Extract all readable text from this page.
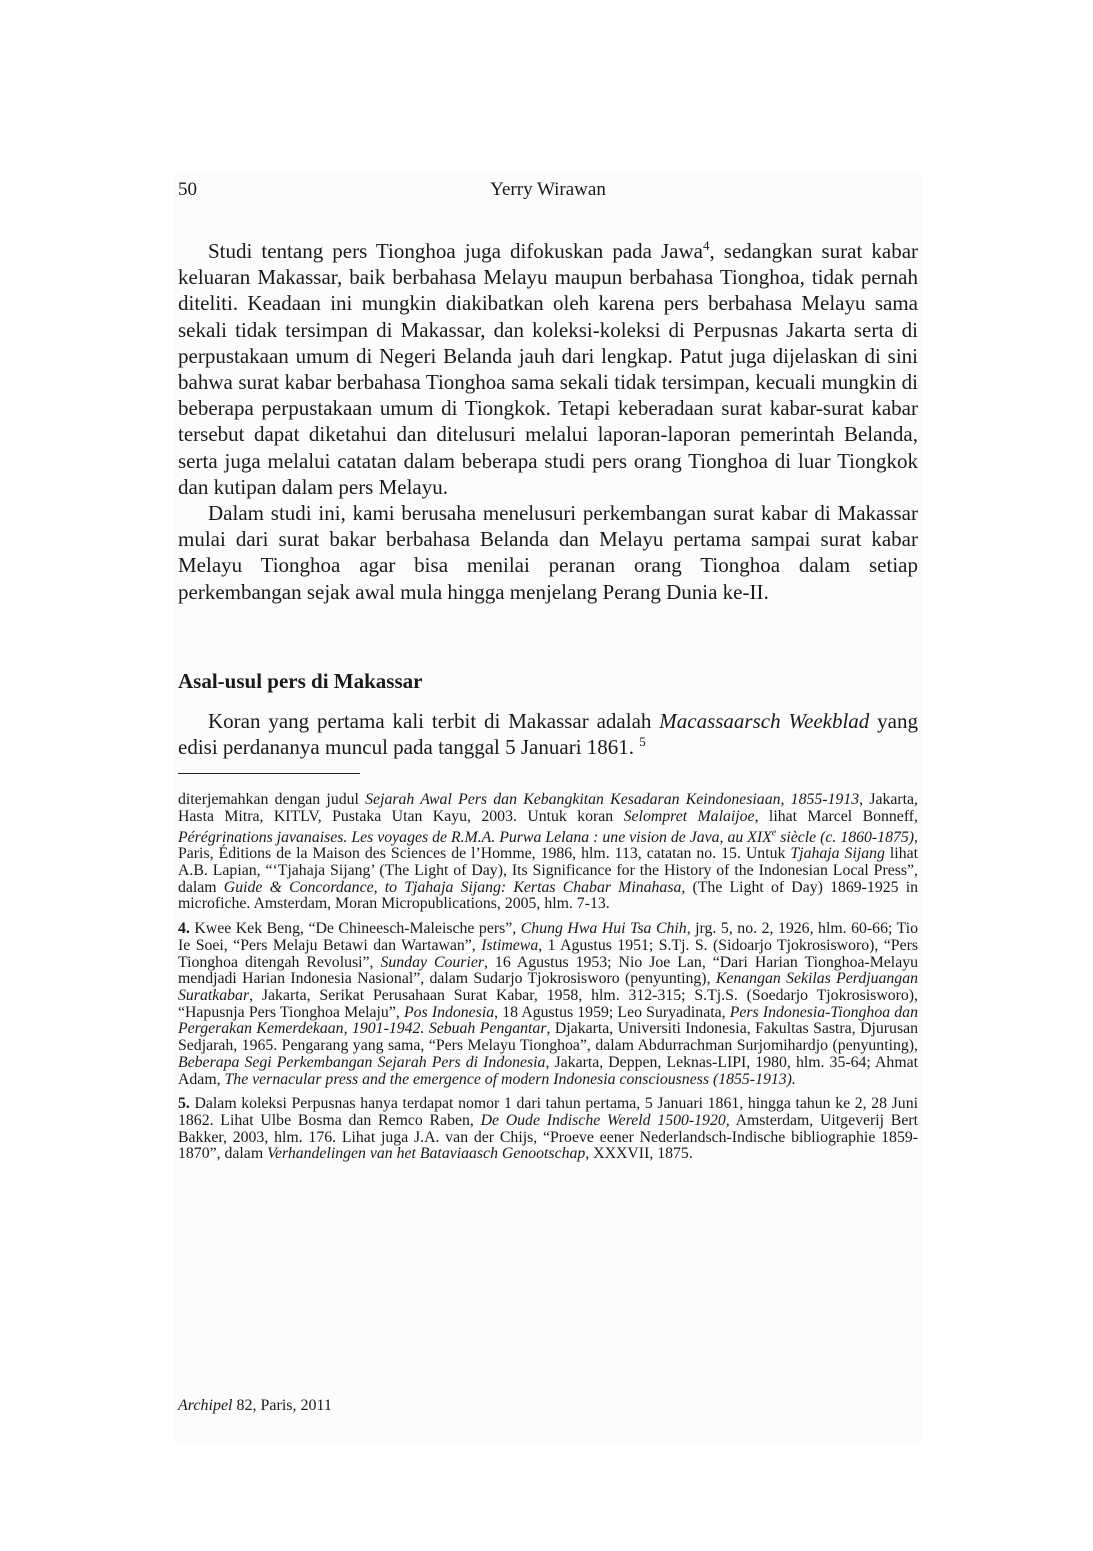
50	Yerry Wirawan

Studi tentang pers Tionghoa juga difokuskan pada Jawa$^4$, sedangkan surat kabar keluaran Makassar, baik berbahasa Melayu maupun berbahasa Tionghoa, tidak pernah diteliti. Keadaan ini mungkin diakibatkan oleh karena pers berbahasa Melayu sama sekali tidak tersimpan di Makassar, dan koleksi-koleksi di Perpusnas Jakarta serta di perpustakaan umum di Negeri Belanda jauh dari lengkap. Patut juga dijelaskan di sini bahwa surat kabar berbahasa Tionghoa sama sekali tidak tersimpan, kecuali mungkin di beberapa perpustakaan umum di Tiongkok. Tetapi keberadaan surat kabar-surat kabar tersebut dapat diketahui dan ditelusuri melalui laporan-laporan pemerintah Belanda, serta juga melalui catatan dalam beberapa studi pers orang Tionghoa di luar Tiongkok dan kutipan dalam pers Melayu.

Dalam studi ini, kami berusaha menelusuri perkembangan surat kabar di Makassar mulai dari surat bakar berbahasa Belanda dan Melayu pertama sampai surat kabar Melayu Tionghoa agar bisa menilai peranan orang Tionghoa dalam setiap perkembangan sejak awal mula hingga menjelang Perang Dunia ke-II.

Asal-usul pers di Makassar

Koran yang pertama kali terbit di Makassar adalah Macassaarsch Weekblad yang edisi perdananya muncul pada tanggal 5 Januari 1861. $^5$

diterjemahkan dengan judul Sejarah Awal Pers dan Kebangkitan Kesadaran Keindonesiaan, 1855-1913, Jakarta, Hasta Mitra, KITLV, Pustaka Utan Kayu, 2003. Untuk koran Selompret Malaijoe, lihat Marcel Bonneff, Pérégrinations javanaises. Les voyages de R.M.A. Purwa Lelana : une vision de Java, au XIXe siècle (c. 1860-1875), Paris, Éditions de la Maison des Sciences de l’Homme, 1986, hlm. 113, catatan no. 15. Untuk Tjahaja Sijang lihat A.B. Lapian, “‘Tjahaja Sijang’ (The Light of Day), Its Significance for the History of the Indonesian Local Press”, dalam Guide & Concordance, to Tjahaja Sijang: Kertas Chabar Minahasa, (The Light of Day) 1869-1925 in microfiche. Amsterdam, Moran Micropublications, 2005, hlm. 7-13.

4. Kwee Kek Beng, “De Chineesch-Maleische pers”, Chung Hwa Hui Tsa Chih, jrg. 5, no. 2, 1926, hlm. 60-66; Tio Ie Soei, “Pers Melaju Betawi dan Wartawan”, Istimewa, 1 Agustus 1951; S.Tj. S. (Sidoarjo Tjokrosisworo), “Pers Tionghoa ditengah Revolusi”, Sunday Courier, 16 Agustus 1953; Nio Joe Lan, “Dari Harian Tionghoa-Melayu mendjadi Harian Indonesia Nasional”, dalam Sudarjo Tjokrosisworo (penyunting), Kenangan Sekilas Perdjuangan Suratkabar, Jakarta, Serikat Perusahaan Surat Kabar, 1958, hlm. 312-315; S.Tj.S. (Soedarjo Tjokrosisworo), “Hapusnja Pers Tionghoa Melaju”, Pos Indonesia, 18 Agustus 1959; Leo Suryadinata, Pers Indonesia-Tionghoa dan Pergerakan Kemerdekaan, 1901-1942. Sebuah Pengantar, Djakarta, Universiti Indonesia, Fakultas Sastra, Djurusan Sedjarah, 1965. Pengarang yang sama, “Pers Melayu Tionghoa”, dalam Abdurrachman Surjomihardjo (penyunting), Beberapa Segi Perkembangan Sejarah Pers di Indonesia, Jakarta, Deppen, Leknas-LIPI, 1980, hlm. 35-64; Ahmat Adam, The vernacular press and the emergence of modern Indonesia consciousness (1855-1913).

5. Dalam koleksi Perpusnas hanya terdapat nomor 1 dari tahun pertama, 5 Januari 1861, hingga tahun ke 2, 28 Juni 1862. Lihat Ulbe Bosma dan Remco Raben, De Oude Indische Wereld 1500-1920, Amsterdam, Uitgeverij Bert Bakker, 2003, hlm. 176. Lihat juga J.A. van der Chijs, “Proeve eener Nederlandsch-Indische bibliographie 1859-1870”, dalam Verhandelingen van het Bataviaasch Genootschap, XXXVII, 1875.

Archipel 82, Paris, 2011
